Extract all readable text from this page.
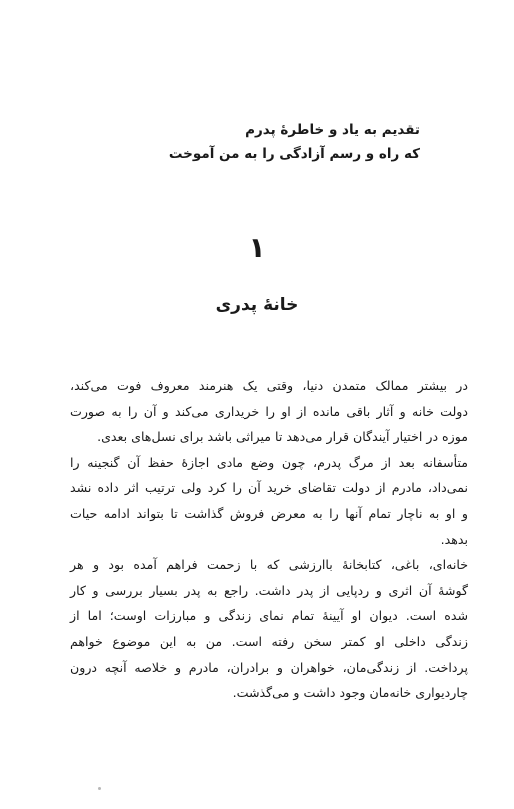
تقدیم به یاد و خاطرهٔ پدرم
که راه و رسم آزادگی را به من آموخت
۱
خانهٔ پدری

در بیشتر ممالک متمدن دنیا، وقتی یک هنرمند معروف فوت می‌کند،
دولت خانه و آثار باقی مانده از او را خریداری می‌کند و آن را به صورت
موزه در اختیار آیندگان قرار می‌دهد تا میراثی باشد برای نسل‌های بعدی.

متأسفانه بعد از مرگ پدرم، چون وضع مادی اجازهٔ حفظ آن گنجینه را
نمی‌داد، مادرم از دولت تقاضای خرید آن را کرد ولی ترتیب اثر داده نشد
و او به ناچار تمام آنها را به معرض فروش گذاشت تا بتواند ادامه حیات
بدهد.

خانه‌ای، باغی، کتابخانهٔ باارزشی که با زحمت فراهم آمده بود و هر
گوشهٔ آن اثری و ردپایی از پدر داشت. راجع به پدر بسیار بررسی و کار
شده است. دیوان او آیینهٔ تمام نمای زندگی و مبارزات اوست؛ اما از
زندگی داخلی او کمتر سخن رفته است. من به این موضوع خواهم
پرداخت. از زندگی‌مان، خواهران و برادران، مادرم و خلاصه آنچه درون
چاردیواری خانه‌مان وجود داشت و می‌گذشت.
